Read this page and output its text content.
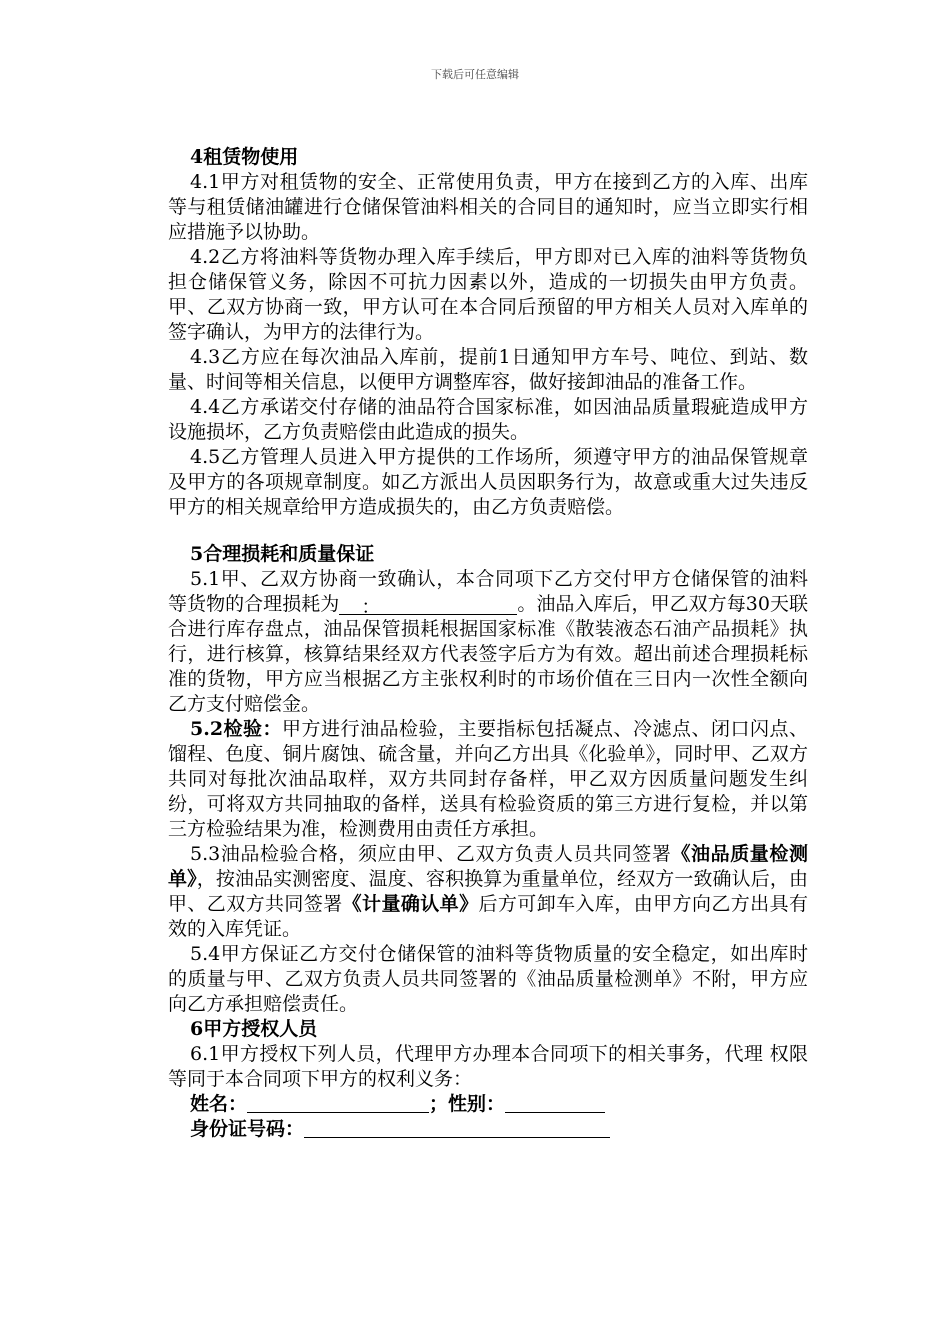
下载后可任意编辑

4租赁物使用

4.1甲方对租赁物的安全、正常使用负责，甲方在接到乙方的入库、出库等与租赁储油罐进行仓储保管油料相关的合同目的通知时，应当立即实行相应措施予以协助。

4.2乙方将油料等货物办理入库手续后，甲方即对已入库的油料等货物负担仓储保管义务，除因不可抗力因素以外，造成的一切损失由甲方负责。甲、乙双方协商一致，甲方认可在本合同后预留的甲方相关人员对入库单的签字确认，为甲方的法律行为。

4.3乙方应在每次油品入库前，提前1日通知甲方车号、吨位、到站、数量、时间等相关信息，以便甲方调整库容，做好接卸油品的准备工作。

4.4乙方承诺交付存储的油品符合国家标准，如因油品质量瑕疵造成甲方设施损坏，乙方负责赔偿由此造成的损失。

4.5乙方管理人员进入甲方提供的工作场所，须遵守甲方的油品保管规章及甲方的各项规章制度。如乙方派出人员因职务行为，故意或重大过失违反甲方的相关规章给甲方造成损失的，由乙方负责赔偿。

5合理损耗和质量保证

5.1甲、乙双方协商一致确认，本合同项下乙方交付甲方仓储保管的油料等货物的合理损耗为 ：	。油品入库后，甲乙双方每30天联合进行库存盘点，油品保管损耗根据国家标准《散装液态石油产品损耗》执行，进行核算，核算结果经双方代表签字后方为有效。超出前述合理损耗标准的货物，甲方应当根据乙方主张权利时的市场价值在三日内一次性全额向乙方支付赔偿金。

5.2检验：甲方进行油品检验，主要指标包括凝点、冷滤点、闭口闪点、馏程、色度、铜片腐蚀、硫含量，并向乙方出具《化验单》，同时甲、乙双方共同对每批次油品取样，双方共同封存备样，甲乙双方因质量问题发生纠纷，可将双方共同抽取的备样，送具有检验资质的第三方进行复检，并以第三方检验结果为准，检测费用由责任方承担。

5.3油品检验合格，须应由甲、乙双方负责人员共同签署《油品质量检测单》，按油品实测密度、温度、容积换算为重量单位，经双方一致确认后，由甲、乙双方共同签署《计量确认单》后方可卸车入库，由甲方向乙方出具有效的入库凭证。

5.4甲方保证乙方交付仓储保管的油料等货物质量的安全稳定，如出库时的质量与甲、乙双方负责人员共同签署的《油品质量检测单》不附，甲方应向乙方承担赔偿责任。

6甲方授权人员

6.1甲方授权下列人员，代理甲方办理本合同项下的相关事务，代理 权限等同于本合同项下甲方的权利义务：

姓名：	；性别：

身份证号码：
